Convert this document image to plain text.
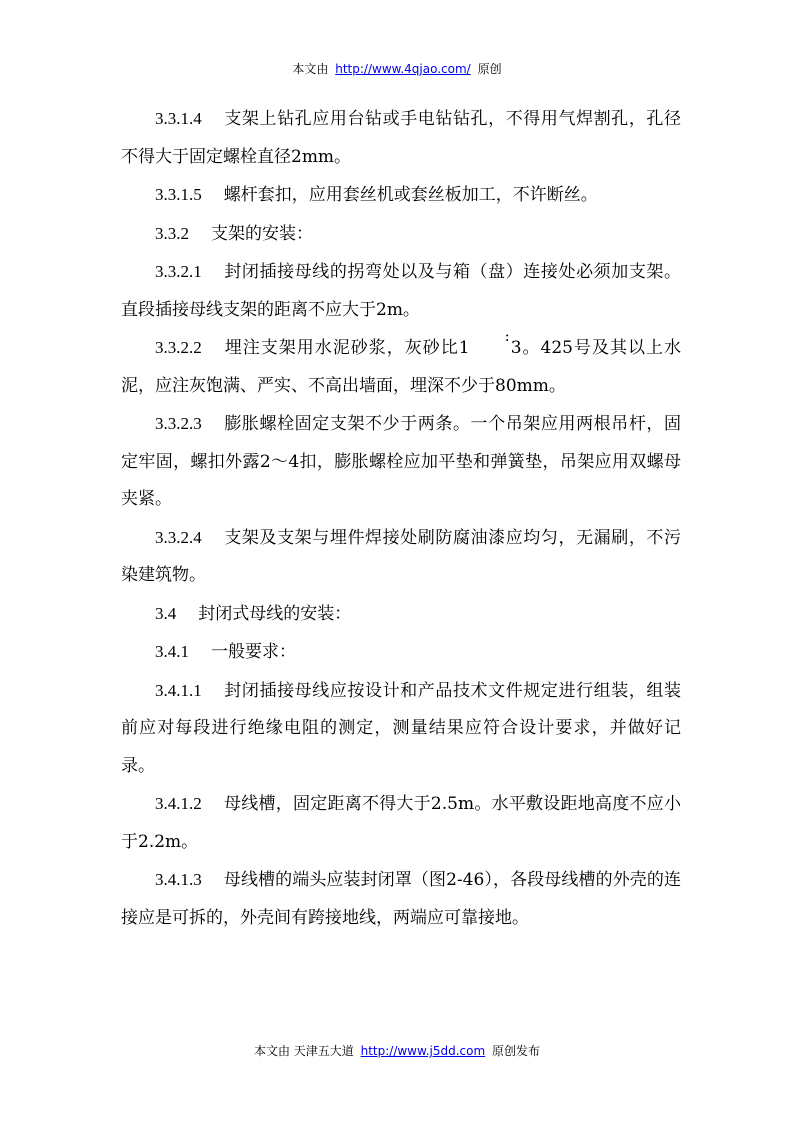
本文由 http://www.4qjao.com/ 原创

3.3.1.4 支架上钻孔应用台钻或手电钻钻孔，不得用气焊割孔，孔径不得大于固定螺栓直径2mm。

3.3.1.5 螺杆套扣，应用套丝机或套丝板加工，不许断丝。

3.3.2 支架的安装：

3.3.2.1 封闭插接母线的拐弯处以及与箱（盘）连接处必须加支架。直段插接母线支架的距离不应大于2m。

3.3.2.2 埋注支架用水泥砂浆，灰砂比1:3。425号及其以上水泥，应注灰饱满、严实、不高出墙面，埋深不少于80mm。

3.3.2.3 膨胀螺栓固定支架不少于两条。一个吊架应用两根吊杆，固定牢固，螺扣外露2～4扣，膨胀螺栓应加平垫和弹簧垫，吊架应用双螺母夹紧。

3.3.2.4 支架及支架与埋件焊接处刷防腐油漆应均匀，无漏刷，不污染建筑物。

3.4 封闭式母线的安装：

3.4.1 一般要求：

3.4.1.1 封闭插接母线应按设计和产品技术文件规定进行组装，组装前应对每段进行绝缘电阻的测定，测量结果应符合设计要求，并做好记录。

3.4.1.2 母线槽，固定距离不得大于2.5m。水平敷设距地高度不应小于2.2m。

3.4.1.3 母线槽的端头应装封闭罩（图2-46），各段母线槽的外壳的连接应是可拆的，外壳间有跨接地线，两端应可靠接地。

本文由 天津五大道 http://www.j5dd.com 原创发布
